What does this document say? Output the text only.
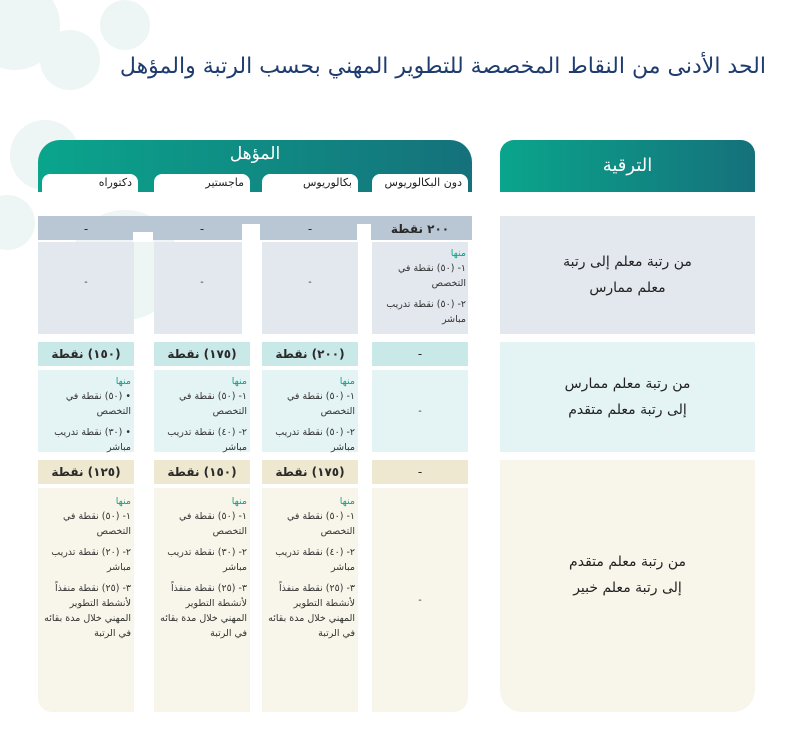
الحد الأدنى من النقاط المخصصة للتطوير المهني بحسب الرتبة والمؤهل
الترقية
المؤهل
دون البكالوريوس
بكالوريوس
ماجستير
دكتوراه
من رتبة معلم إلى رتبة
معلم ممارس
من رتبة معلم ممارس
إلى رتبة معلم متقدم
من رتبة معلم متقدم
إلى رتبة معلم خبير
٢٠٠ نقطة
-
-
-
منها

١- (٥٠) نقطة في التخصص

٢- (٥٠) نقطة تدريب مباشر

-
-
-
-
(٢٠٠) نقطة
(١٧٥) نقطة
(١٥٠) نقطة
-
منها

١- (٥٠) نقطة في التخصص

٢- (٥٠) نقطة تدريب مباشر

منها

١- (٥٠) نقطة في التخصص

٢- (٤٠) نقطة تدريب مباشر

منها

• (٥٠) نقطة في التخصص

• (٣٠) نقطة تدريب مباشر

-
(١٧٥) نقطة
(١٥٠) نقطة
(١٢٥) نقطة
-
منها

١- (٥٠) نقطة في التخصص

٢- (٤٠) نقطة تدريب مباشر

٣- (٢٥) نقطة منفذاً لأنشطة التطوير المهني خلال مدة بقائه في الرتبة

منها

١- (٥٠) نقطة في التخصص

٢- (٣٠) نقطة تدريب مباشر

٣- (٢٥) نقطة منفذاً لأنشطة التطوير المهني خلال مدة بقائه في الرتبة

منها

١- (٥٠) نقطة في التخصص

٢- (٢٠) نقطة تدريب مباشر

٣- (٢٥) نقطة منفذاً لأنشطة التطوير المهني خلال مدة بقائه في الرتبة
